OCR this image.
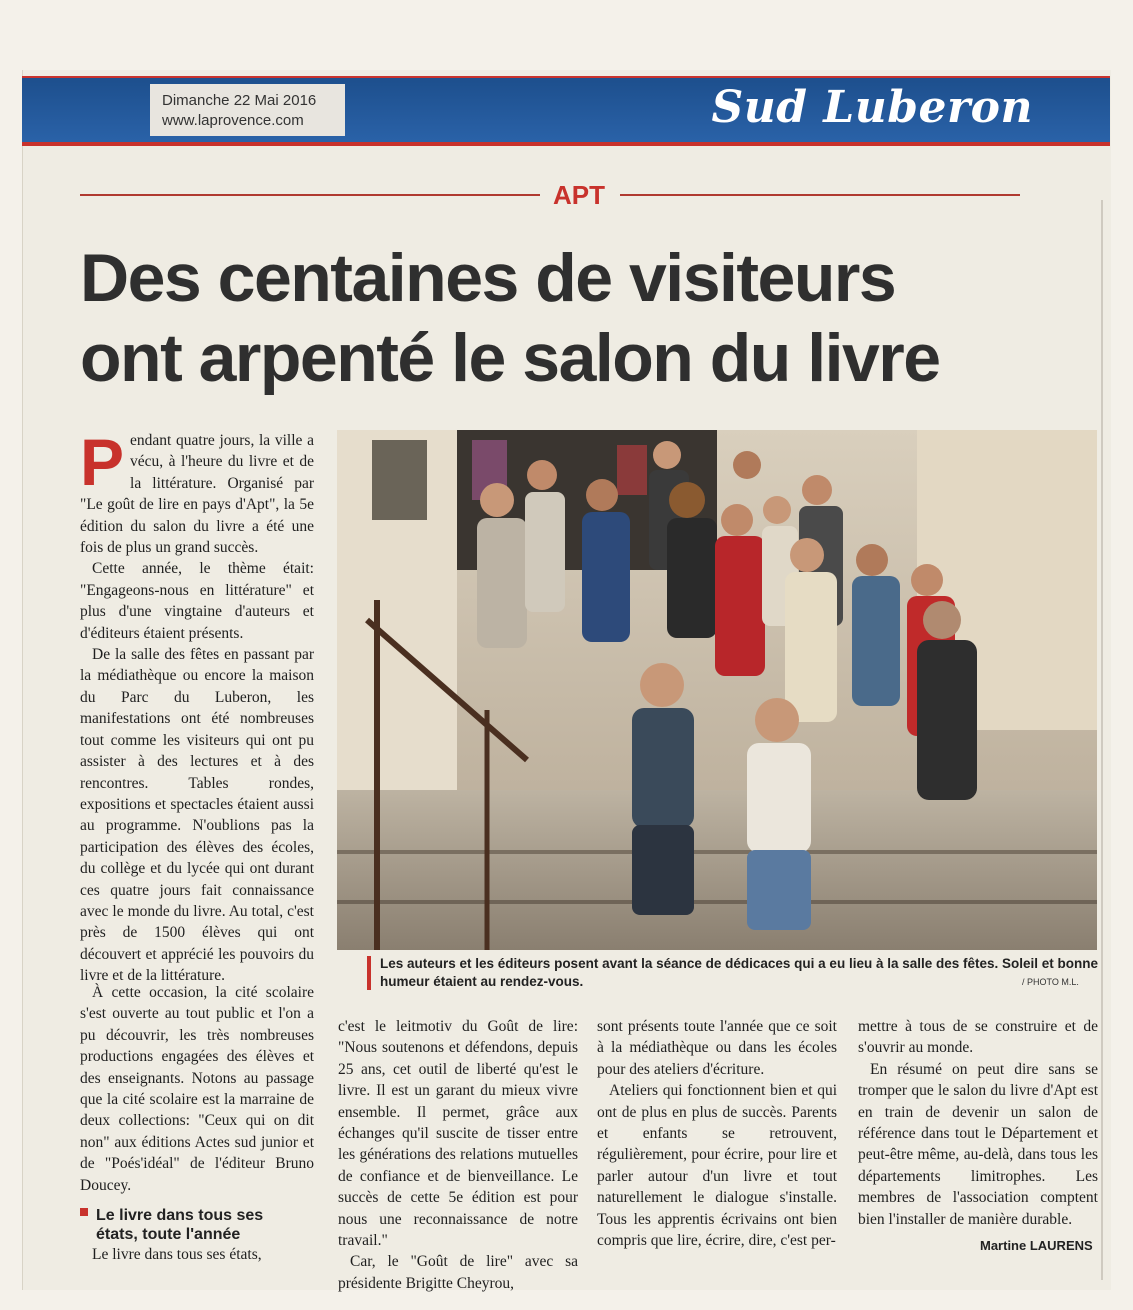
Dimanche 22 Mai 2016
www.laprovence.com	Sud Luberon
APT
Des centaines de visiteurs
ont arpenté le salon du livre

Pendant quatre jours, la ville a vécu, à l'heure du livre et de la littérature. Organisé par "Le goût de lire en pays d'Apt", la 5e édition du salon du livre a été une fois de plus un grand succès.

Cette année, le thème était: "Engageons-nous en littérature" et plus d'une vingtaine d'auteurs et d'éditeurs étaient présents.

De la salle des fêtes en passant par la médiathèque ou encore la maison du Parc du Luberon, les manifestations ont été nombreuses tout comme les visiteurs qui ont pu assister à des lectures et à des rencontres. Tables rondes, expositions et spectacles étaient aussi au programme. N'oublions pas la participation des élèves des écoles, du collège et du lycée qui ont durant ces quatre jours fait connaissance avec le monde du livre. Au total, c'est près de 1500 élèves qui ont découvert et apprécié les pouvoirs du livre et de la littérature.

À cette occasion, la cité scolaire s'est ouverte au tout public et l'on a pu découvrir, les très nombreuses productions engagées des élèves et des enseignants. Notons au passage que la cité scolaire est la marraine de deux collections: "Ceux qui on dit non" aux éditions Actes sud junior et de "Poés'idéal" de l'éditeur Bruno Doucey.

Le livre dans tous ses
états, toute l'année

Le livre dans tous ses états,

Les auteurs et les éditeurs posent avant la séance de dédicaces qui a eu lieu à la salle des fêtes. Soleil et bonne humeur étaient au rendez-vous.	/ PHOTO M.L.

c'est le leitmotiv du Goût de lire: "Nous soutenons et défendons, depuis 25 ans, cet outil de liberté qu'est le livre. Il est un garant du mieux vivre ensemble. Il permet, grâce aux échanges qu'il suscite de tisser entre les générations des relations mutuelles de confiance et de bienveillance. Le succès de cette 5e édition est pour nous une reconnaissance de notre travail."

Car, le "Goût de lire" avec sa présidente Brigitte Cheyrou,

sont présents toute l'année que ce soit à la médiathèque ou dans les écoles pour des ateliers d'écriture.

Ateliers qui fonctionnent bien et qui ont de plus en plus de succès. Parents et enfants se retrouvent, régulièrement, pour écrire, pour lire et parler autour d'un livre et tout naturellement le dialogue s'installe. Tous les apprentis écrivains ont bien compris que lire, écrire, dire, c'est per-

mettre à tous de se construire et de s'ouvrir au monde.

En résumé on peut dire sans se tromper que le salon du livre d'Apt est en train de devenir un salon de référence dans tout le Département et peut-être même, au-delà, dans tous les départements limitrophes. Les membres de l'association comptent bien l'installer de manière durable.

Martine LAURENS
